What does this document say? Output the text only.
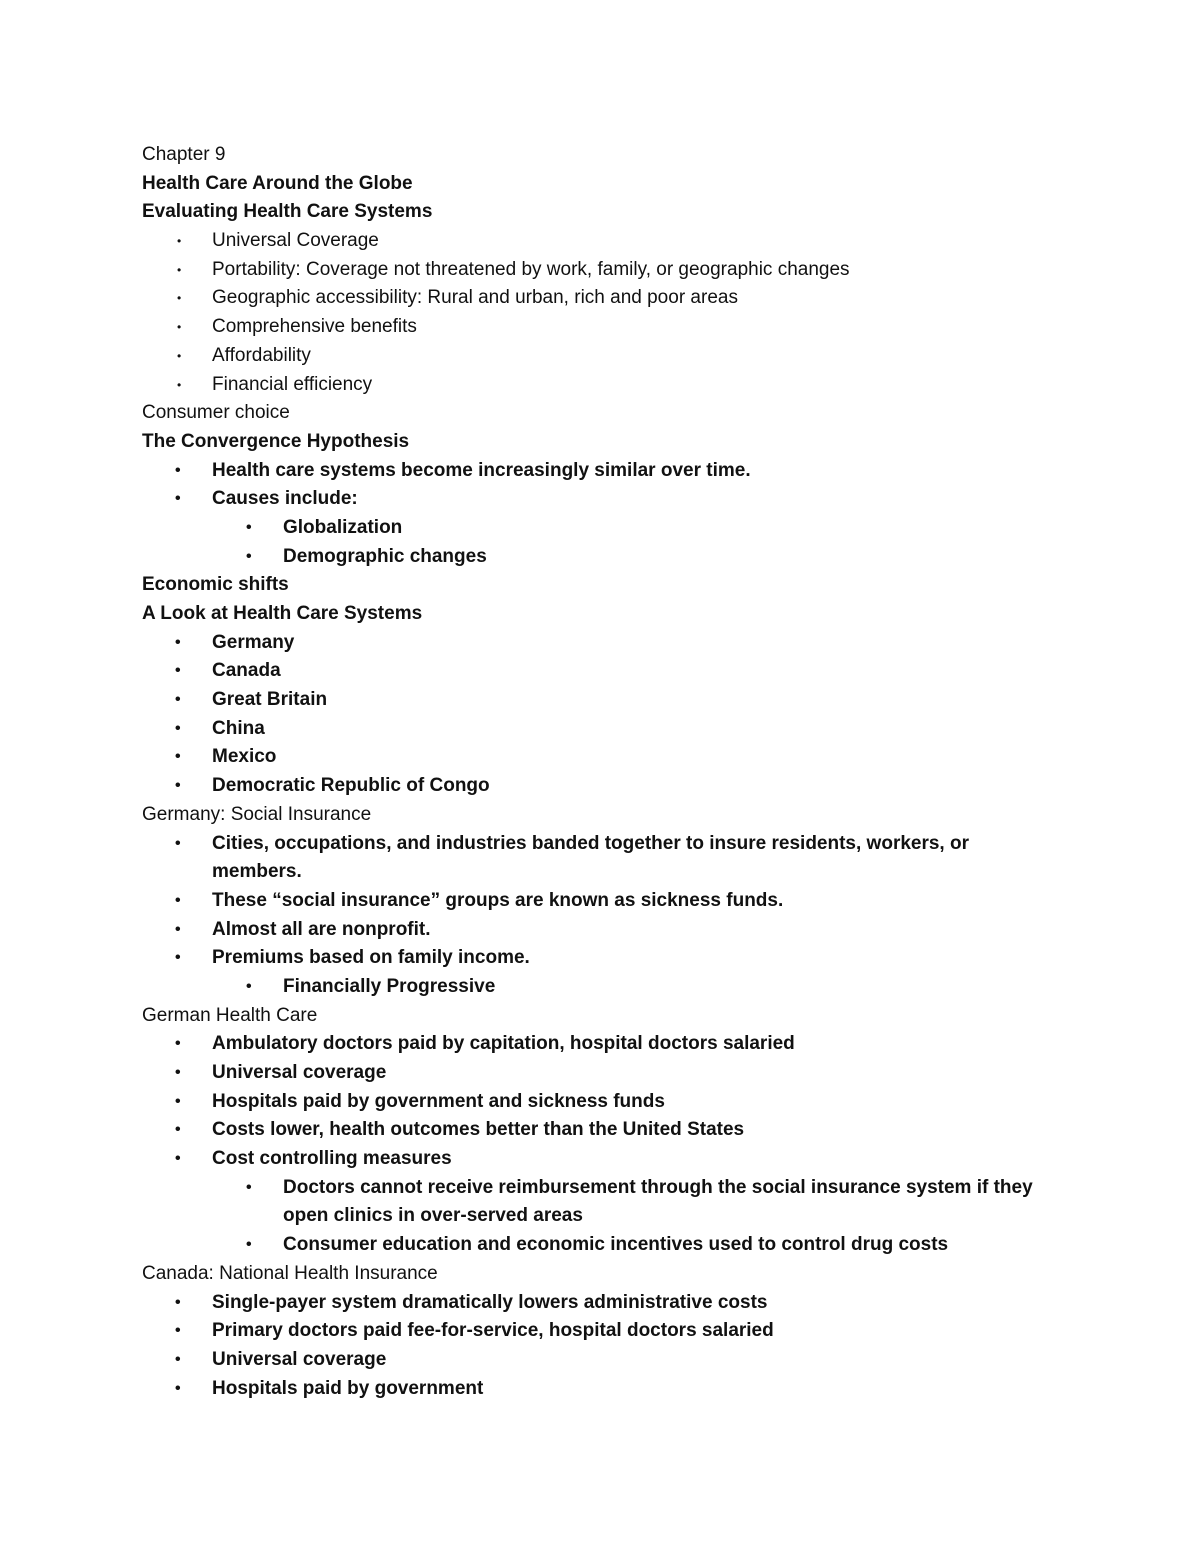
Chapter 9
Health Care Around the Globe
Evaluating Health Care Systems
• Universal Coverage
• Portability: Coverage not threatened by work, family, or geographic changes
• Geographic accessibility: Rural and urban, rich and poor areas
• Comprehensive benefits
• Affordability
• Financial efficiency
Consumer choice
The Convergence Hypothesis
• Health care systems become increasingly similar over time.
• Causes include:
• Globalization
• Demographic changes
Economic shifts
A Look at Health Care Systems
• Germany
• Canada
• Great Britain
• China
• Mexico
• Democratic Republic of Congo
Germany: Social Insurance
• Cities, occupations, and industries banded together to insure residents, workers, or members.
• These “social insurance” groups are known as sickness funds.
• Almost all are nonprofit.
• Premiums based on family income.
• Financially Progressive
German Health Care
• Ambulatory doctors paid by capitation, hospital doctors salaried
• Universal coverage
• Hospitals paid by government and sickness funds
• Costs lower, health outcomes better than the United States
• Cost controlling measures
• Doctors cannot receive reimbursement through the social insurance system if they open clinics in over-served areas
• Consumer education and economic incentives used to control drug costs
Canada: National Health Insurance
• Single-payer system dramatically lowers administrative costs
• Primary doctors paid fee-for-service, hospital doctors salaried
• Universal coverage
• Hospitals paid by government
